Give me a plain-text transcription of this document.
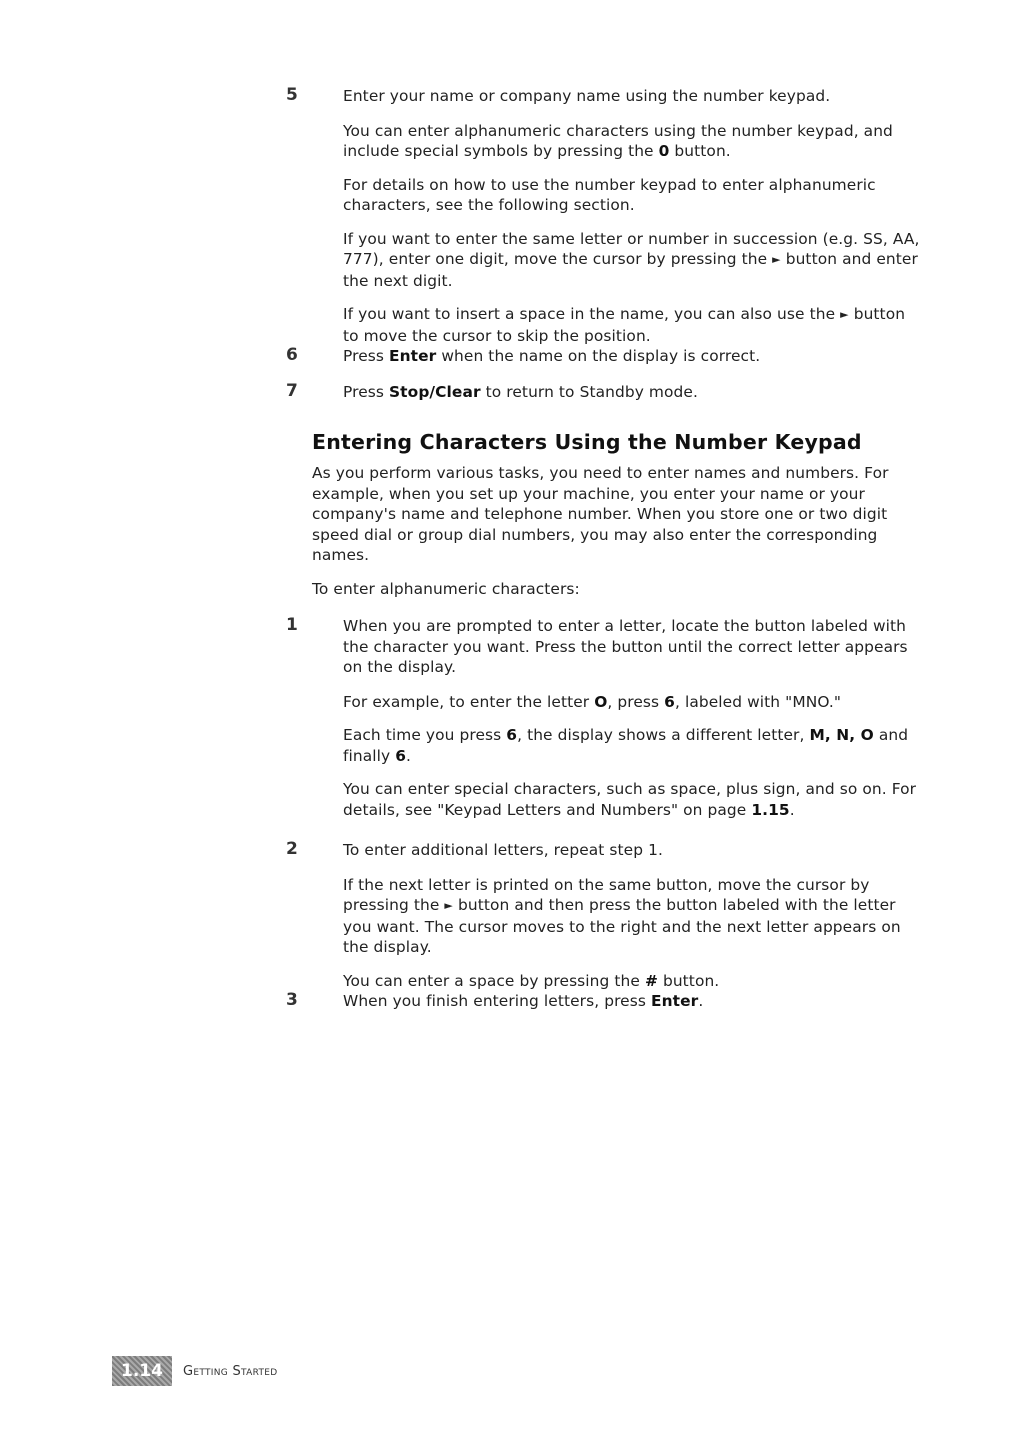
5	Enter your name or company name using the number keypad.

You can enter alphanumeric characters using the number keypad, and include special symbols by pressing the 0 button.

For details on how to use the number keypad to enter alphanumeric characters, see the following section.

If you want to enter the same letter or number in succession (e.g. SS, AA, 777), enter one digit, move the cursor by pressing the ► button and enter the next digit.

If you want to insert a space in the name, you can also use the ► button to move the cursor to skip the position.

6	Press Enter when the name on the display is correct.

7	Press Stop/Clear to return to Standby mode.

Entering Characters Using the Number Keypad

As you perform various tasks, you need to enter names and numbers. For example, when you set up your machine, you enter your name or your company's name and telephone number. When you store one or two digit speed dial or group dial numbers, you may also enter the corresponding names.

To enter alphanumeric characters:

1	When you are prompted to enter a letter, locate the button labeled with the character you want. Press the button until the correct letter appears on the display.

For example, to enter the letter O, press 6, labeled with "MNO."

Each time you press 6, the display shows a different letter, M, N, O and finally 6.

You can enter special characters, such as space, plus sign, and so on. For details, see "Keypad Letters and Numbers" on page 1.15.

2	To enter additional letters, repeat step 1.

If the next letter is printed on the same button, move the cursor by pressing the ► button and then press the button labeled with the letter you want. The cursor moves to the right and the next letter appears on the display.

You can enter a space by pressing the # button.

3	When you finish entering letters, press Enter.

1.14	Getting Started
